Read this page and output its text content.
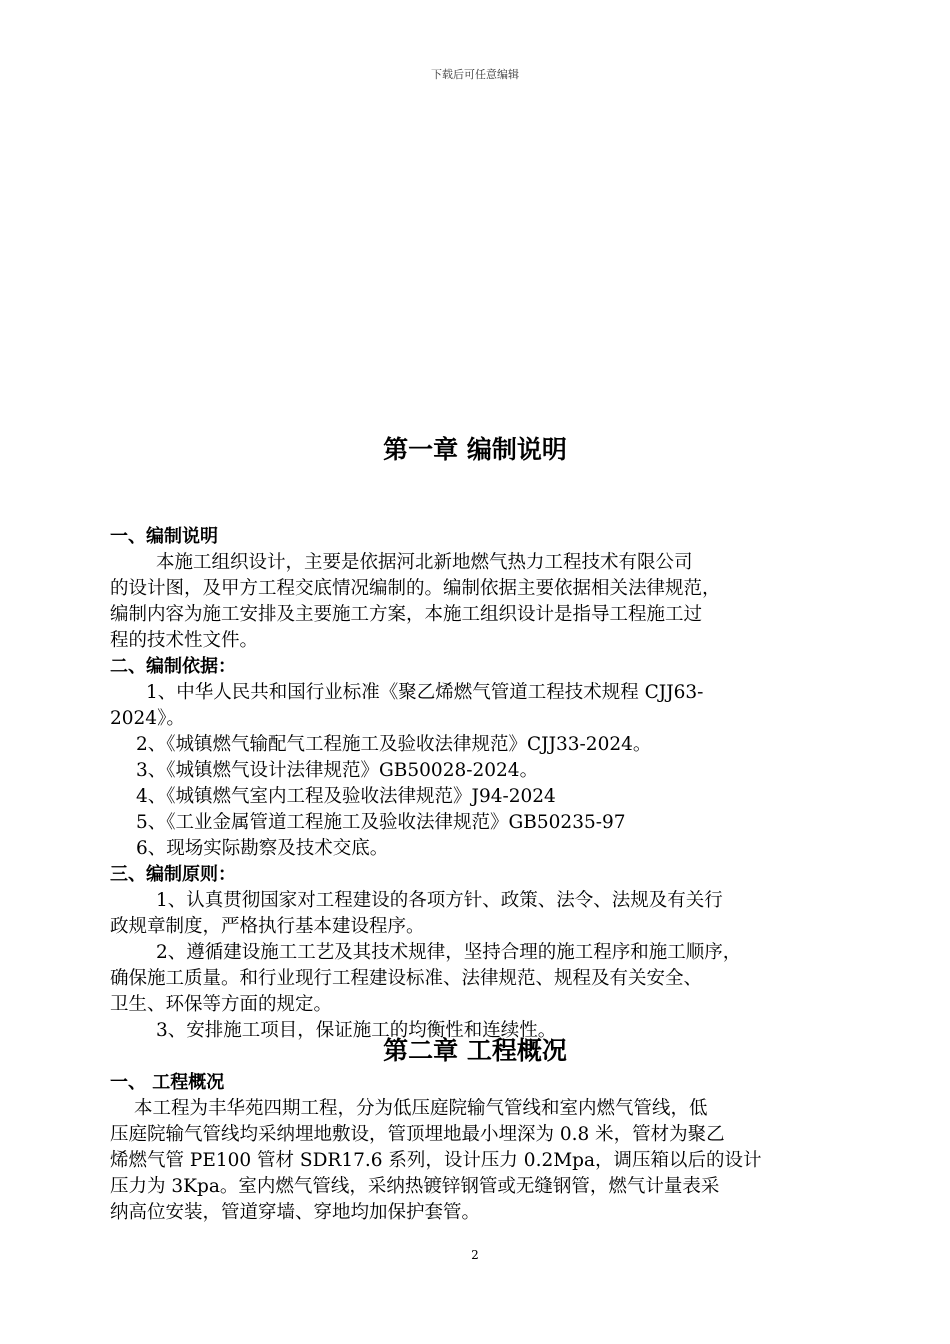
下载后可任意编辑
第一章 编制说明
一、编制说明
本施工组织设计，主要是依据河北新地燃气热力工程技术有限公司
的设计图，及甲方工程交底情况编制的。编制依据主要依据相关法律规范，
编制内容为施工安排及主要施工方案，本施工组织设计是指导工程施工过
程的技术性文件。
二、编制依据：
1、中华人民共和国行业标准《聚乙烯燃气管道工程技术规程 CJJ63-
2024》。
2、《城镇燃气输配气工程施工及验收法律规范》CJJ33-2024。
3、《城镇燃气设计法律规范》GB50028-2024。
4、《城镇燃气室内工程及验收法律规范》J94-2024
5、《工业金属管道工程施工及验收法律规范》GB50235-97
6、现场实际勘察及技术交底。
三、编制原则：
1、认真贯彻国家对工程建设的各项方针、政策、法令、法规及有关行
政规章制度，严格执行基本建设程序。
2、遵循建设施工工艺及其技术规律，坚持合理的施工程序和施工顺序，
确保施工质量。和行业现行工程建设标准、法律规范、规程及有关安全、
卫生、环保等方面的规定。
3、安排施工项目，保证施工的均衡性和连续性。
第二章 工程概况
一、 工程概况
本工程为丰华苑四期工程，分为低压庭院输气管线和室内燃气管线，低
压庭院输气管线均采纳埋地敷设，管顶埋地最小埋深为 0.8 米，管材为聚乙
烯燃气管 PE100 管材 SDR17.6 系列，设计压力 0.2Mpa，调压箱以后的设计
压力为 3Kpa。室内燃气管线，采纳热镀锌钢管或无缝钢管，燃气计量表采
纳高位安装，管道穿墙、穿地均加保护套管。
2
